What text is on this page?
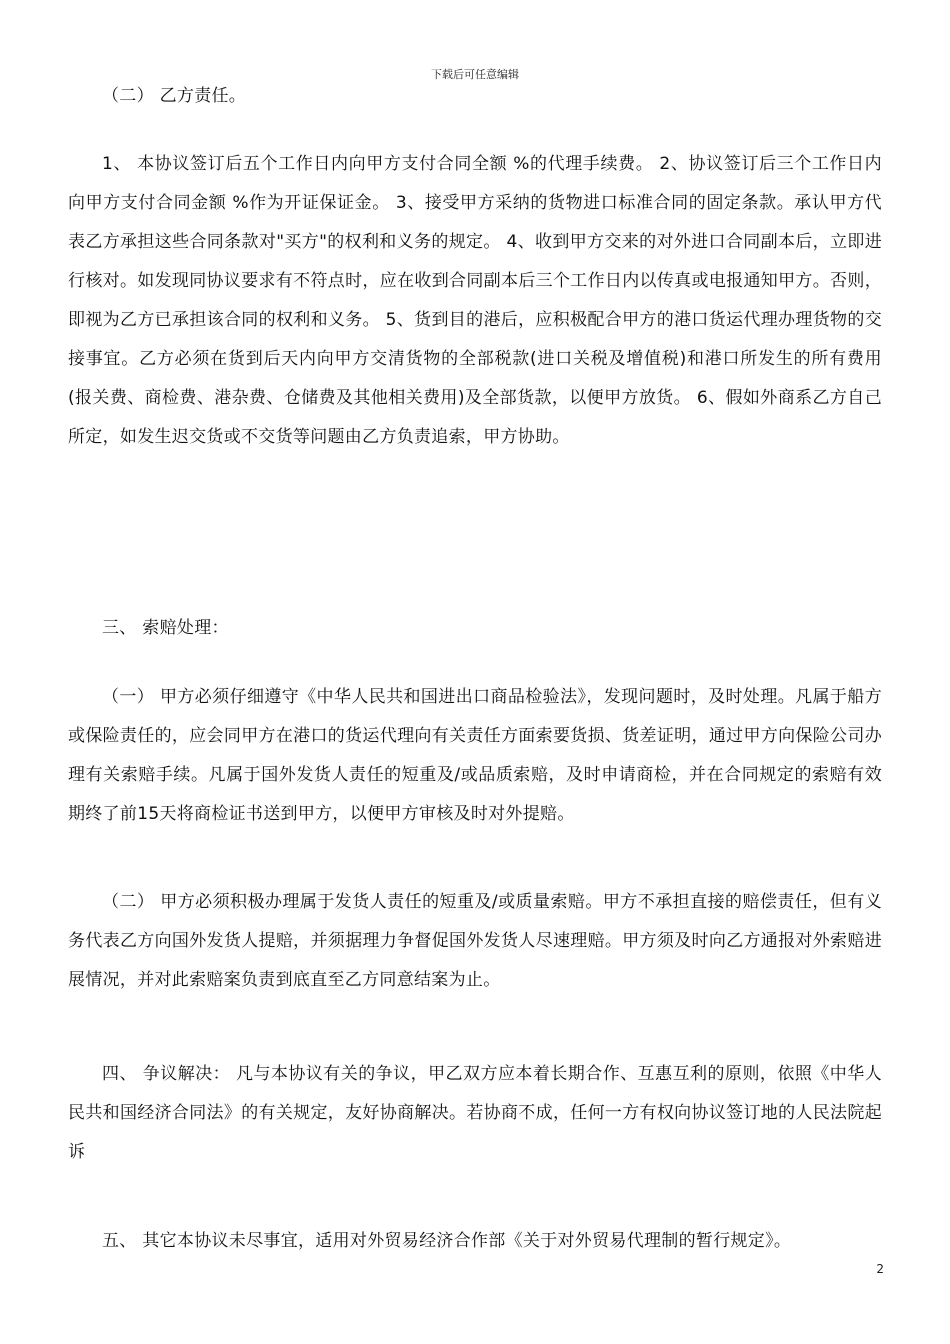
下载后可任意编辑

（二） 乙方责任。

1、 本协议签订后五个工作日内向甲方支付合同全额 %的代理手续费。 2、协议签订后三个工作日内向甲方支付合同金额 %作为开证保证金。 3、接受甲方采纳的货物进口标准合同的固定条款。承认甲方代表乙方承担这些合同条款对"买方"的权利和义务的规定。 4、收到甲方交来的对外进口合同副本后，立即进行核对。如发现同协议要求有不符点时，应在收到合同副本后三个工作日内以传真或电报通知甲方。否则，即视为乙方已承担该合同的权利和义务。 5、货到目的港后，应积极配合甲方的港口货运代理办理货物的交接事宜。乙方必须在货到后天内向甲方交清货物的全部税款(进口关税及增值税)和港口所发生的所有费用(报关费、商检费、港杂费、仓储费及其他相关费用)及全部货款，以便甲方放货。 6、假如外商系乙方自己所定，如发生迟交货或不交货等问题由乙方负责追索，甲方协助。

三、 索赔处理：

（一） 甲方必须仔细遵守《中华人民共和国进出口商品检验法》，发现问题时，及时处理。凡属于船方或保险责任的，应会同甲方在港口的货运代理向有关责任方面索要货损、货差证明，通过甲方向保险公司办理有关索赔手续。凡属于国外发货人责任的短重及/或品质索赔，及时申请商检，并在合同规定的索赔有效期终了前15天将商检证书送到甲方，以便甲方审核及时对外提赔。

（二） 甲方必须积极办理属于发货人责任的短重及/或质量索赔。甲方不承担直接的赔偿责任，但有义务代表乙方向国外发货人提赔，并须据理力争督促国外发货人尽速理赔。甲方须及时向乙方通报对外索赔进展情况，并对此索赔案负责到底直至乙方同意结案为止。

四、 争议解决： 凡与本协议有关的争议，甲乙双方应本着长期合作、互惠互利的原则，依照《中华人民共和国经济合同法》的有关规定，友好协商解决。若协商不成，任何一方有权向协议签订地的人民法院起诉

五、 其它本协议未尽事宜，适用对外贸易经济合作部《关于对外贸易代理制的暂行规定》。

2
